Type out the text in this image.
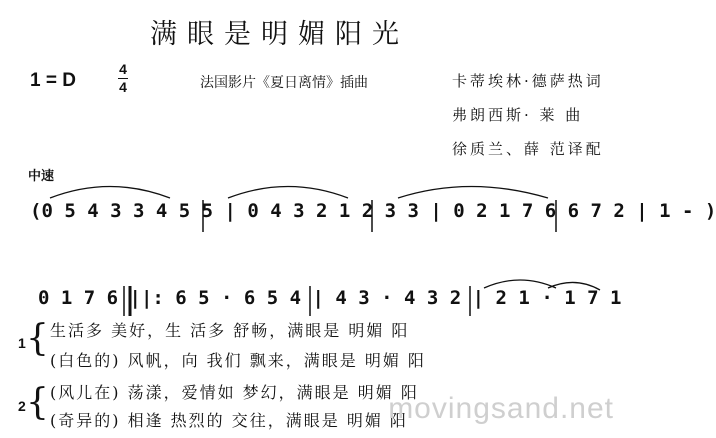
满眼是明媚阳光
1 = D
4
4	法国影片《夏日离情》插曲	卡蒂埃林·德萨热词
弗朗西斯· 莱 曲
徐质兰、薛 范译配
中速
(0 5 4 3 3 4 5 5 | 0 4 3 2 1 2 3 3 | 0 2 1 7 6 6 7 2 | 1 - )
0 1 7 6 ||: 6 5 · 6 5 4 | 4 3 · 4 3 2 | 2 1 · 1 7 1
{
1
生活多 美好，生 活多 舒畅，满眼是 明媚 阳
(白色的) 风帆，向 我们 飘来，满眼是 明媚 阳
{
2
(风儿在) 荡漾，爱情如 梦幻，满眼是 明媚 阳
(奇异的) 相逢 热烈的 交往，满眼是 明媚 阳
movingsand.net
